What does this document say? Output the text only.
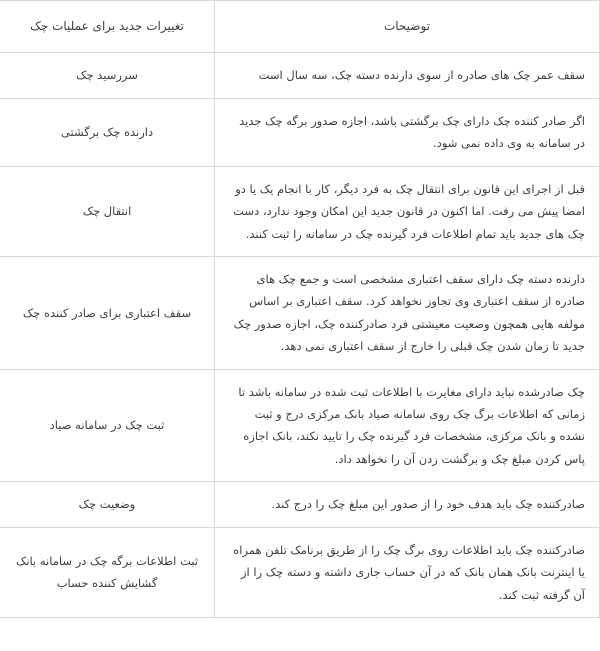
توضیحات	تغییرات جدید برای عملیات چک
سقف عمر چک های صادره از سوی دارنده دسته چک، سه سال است	سررسید چک
اگر صادر کننده چک دارای چک برگشتی باشد، اجازه صدور برگه چک جدید در سامانه به وی داده نمی شود.	دارنده چک برگشتی
قبل از اجرای این قانون برای انتقال چک به فرد دیگر، کار با انجام یک یا دو امضا پیش می رفت. اما اکنون در قانون جدید این امکان وجود ندارد، دست چک های جدید باید تمام اطلاعات فرد گیرنده چک در سامانه را ثبت کنند.	انتقال چک
دارنده دسته چک دارای سقف اعتباری مشخصی است و جمع چک های صادره از سقف اعتباری وی تجاوز نخواهد کرد. سقف اعتباری بر اساس مولفه هایی همچون وضعیت معیشتی فرد صادرکننده چک، اجازه صدور چک جدید تا زمان شدن چک قبلی را خارج از سقف اعتباری نمی دهد.	سقف اعتباری برای صادر کننده چک
چک صادرشده نباید دارای مغایرت با اطلاعات ثبت شده در سامانه باشد تا زمانی که اطلاعات برگ چک روی سامانه صیاد بانک مرکزی درج و ثبت نشده و بانک مرکزی، مشخصات فرد گیرنده چک را تایید نکند، بانک اجازه پاس کردن مبلغ چک و برگشت زدن آن را نخواهد داد.	ثبت چک در سامانه صیاد
صادرکننده چک باید هدف خود را از صدور این مبلغ چک را درج کند.	وضعیت چک
صادرکننده چک باید اطلاعات روی برگ چک را از طریق برنامک تلفن همراه یا اینترنت بانک همان بانک که در آن حساب جاری داشته و دسته چک را از آن گرفته ثبت کند.	ثبت اطلاعات برگه چک در سامانه بانک گشایش کننده حساب
